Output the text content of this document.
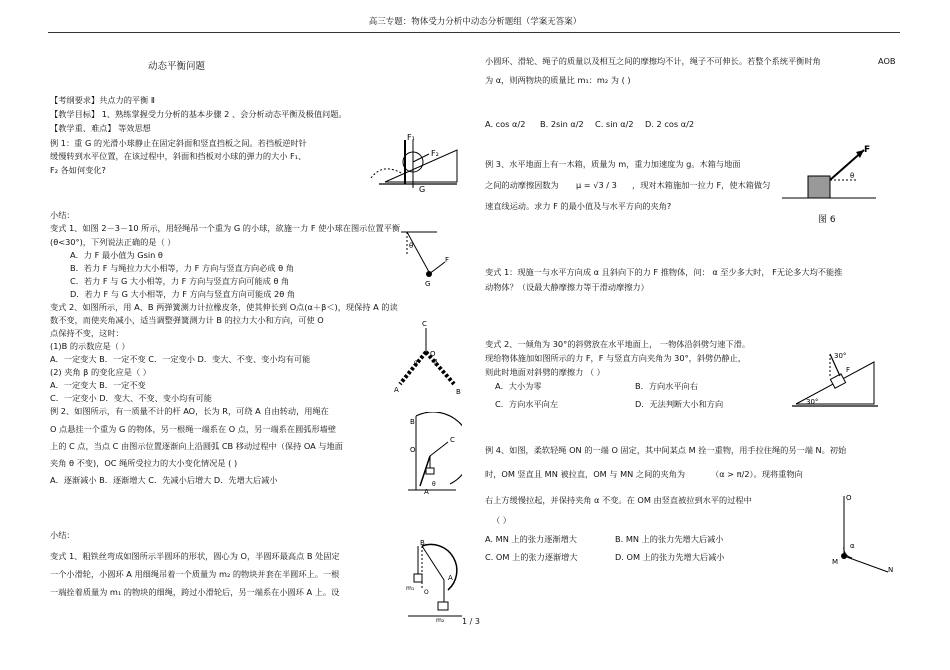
高三专题：物体受力分析中动态分析题组（学案无答案）
动态平衡问题
【考纲要求】共点力的平衡 Ⅱ
【教学目标】 1、熟练掌握受力分析的基本步骤 2 、会分析动态平衡及极值问题。
【教学重、难点】 等效思想
例 1：重 G 的光滑小球静止在固定斜面和竖直挡板之间。若挡板逆时针
缓慢转到水平位置，在该过程中，斜面和挡板对小球的弹力的大小 F₁、
F₂ 各如何变化?
小结：
变式 1、如图 2－3－10 所示，用轻绳吊一个重为 G 的小球，欲施一力 F 使小球在图示位置平衡
(θ<30°)，下列说法正确的是（ ）
A．力 F 最小值为 Gsin θ
B．若力 F 与绳拉力大小相等，力 F 方向与竖直方向必成 θ 角
C．若力 F 与 G 大小相等，力 F 方向与竖直方向可能成 θ 角
D．若力 F 与 G 大小相等，力 F 方向与竖直方向可能成 2θ 角
变式 2、如图所示，用 A、B 两弹簧测力计拉橡皮条，使其伸长到 O点(α＋β＜)，现保持 A 的读
数不变，而使夹角减小，适当调整弹簧测力计 B 的拉力大小和方向，可使 O
点保持不变，这时：
(1)B 的示数应是（ ）
A．一定变大 B．一定不变 C．一定变小 D．变大、不变、变小均有可能
(2) 夹角 β 的变化应是（ ）
A．一定变大 B．一定不变
C．一定变小 D．变大、不变、变小均有可能
例 2、如图所示，有一质量不计的杆 AO，长为 R，可绕 A 自由转动，用绳在
O 点悬挂一个重为 G 的物体，另一根绳一端系在 O 点，另一端系在圆弧形墙壁
上的 C 点，当点 C 由图示位置逐渐向上沿圆弧 CB 移动过程中（保持 OA 与地面
夹角 θ 不变)，OC 绳所受拉力的大小变化情况是 ( )
A．逐渐减小 B．逐渐增大 C．先减小后增大 D．先增大后减小
小结：
变式 1、粗铁丝弯成如图所示半圆环的形状，圆心为 O，半圆环最高点 B 处固定
一个小滑轮，小圆环 A 用细绳吊着一个质量为 m₂ 的物块并套在半圆环上。一根
一端拴着质量为 m₁ 的物块的细绳，跨过小滑轮后，另一端系在小圆环 A 上。设
F₁
F₂
G
θ
F
G
C
A	B
O
α	β
C
B
O
A
θ
B
A
m₁
m₂
O
小圆环、滑轮、绳子的质量以及相互之间的摩擦均不计，绳子不可伸长。若整个系统平衡时角	AOB
为 α，则两物块的质量比 m₁：m₂ 为 ( )
A. cos α/2 B. 2sin α/2 C. sin α/2 D. 2 cos α/2
例 3、水平地面上有一木箱，质量为 m，重力加速度为 g。木箱与地面
之间的动摩擦因数为 μ = √3 / 3 ，现对木箱施加一拉力 F，使木箱做匀
速直线运动。求力 F 的最小值及与水平方向的夹角?
图 6
F
θ
变式 1：现施一与水平方向成 α 且斜向下的力 F 推物体，问： α 至少多大时， F无论多大均不能推
动物体？（设最大静摩擦力等于滑动摩擦力）
变式 2、一倾角为 30°的斜劈放在水平地面上， 一物体沿斜劈匀速下滑。
现给物体施加如图所示的力 F，F 与竖直方向夹角为 30°，斜劈仍静止，
则此时地面对斜劈的摩擦力 （ ）
A．大小为零	B．方向水平向右
C．方向水平向左	D．无法判断大小和方向
30°
F
30°
例 4、如图，柔软轻绳 ON 的一端 O 固定，其中间某点 M 拴一重物，用手拉住绳的另一端 N。初始
时，OM 竖直且 MN 被拉直，OM 与 MN 之间的夹角为	（α > π/2）。现将重物向
右上方缓慢拉起，并保持夹角 α 不变。在 OM 由竖直被拉到水平的过程中
（ ）
A. MN 上的张力逐渐增大	B. MN 上的张力先增大后减小
C. OM 上的张力逐渐增大	D. OM 上的张力先增大后减小
O
α
M
N
1 / 3
